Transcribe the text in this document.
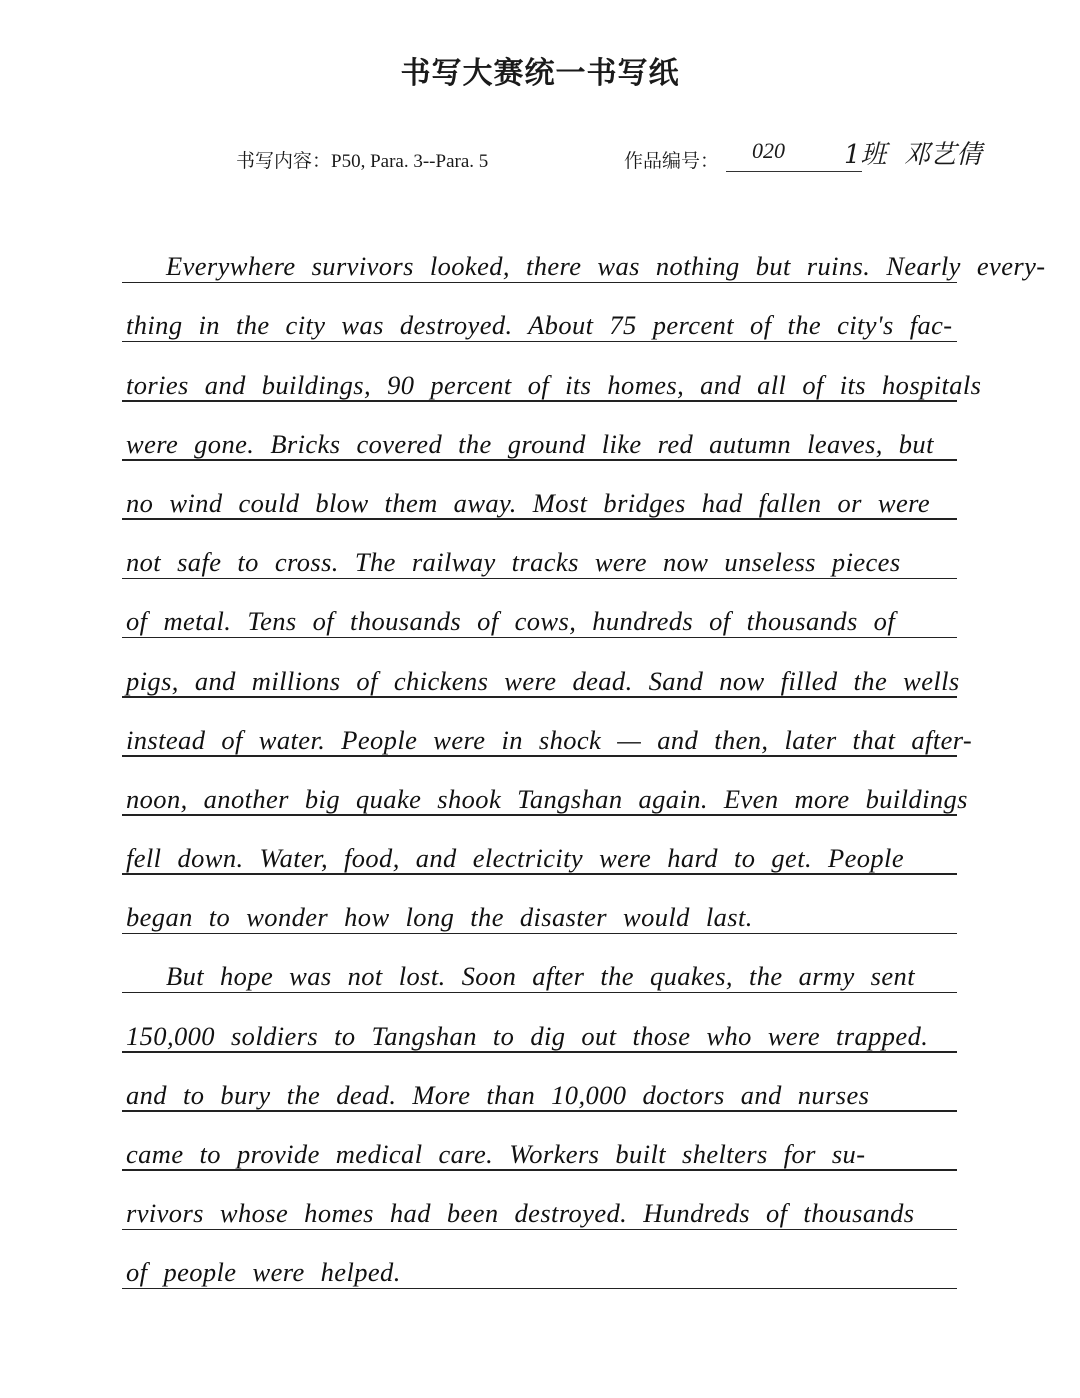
书写大赛统一书写纸
书写内容：P50, Para. 3--Para. 5	作品编号： 020 1班 邓艺倩
Everywhere survivors looked, there was nothing but ruins. Nearly every-
thing in the city was destroyed. About 75 percent of the city's fac-
tories and buildings, 90 percent of its homes, and all of its hospitals
were gone. Bricks covered the ground like red autumn leaves, but
no wind could blow them away. Most bridges had fallen or were
not safe to cross. The railway tracks were now unseless pieces
of metal. Tens of thousands of cows, hundreds of thousands of
pigs, and millions of chickens were dead. Sand now filled the wells
instead of water. People were in shock — and then, later that after-
noon, another big quake shook Tangshan again. Even more buildings
fell down. Water, food, and electricity were hard to get. People
began to wonder how long the disaster would last.
But hope was not lost. Soon after the quakes, the army sent
150,000 soldiers to Tangshan to dig out those who were trapped.
and to bury the dead. More than 10,000 doctors and nurses
came to provide medical care. Workers built shelters for su-
rvivors whose homes had been destroyed. Hundreds of thousands
of people were helped.
